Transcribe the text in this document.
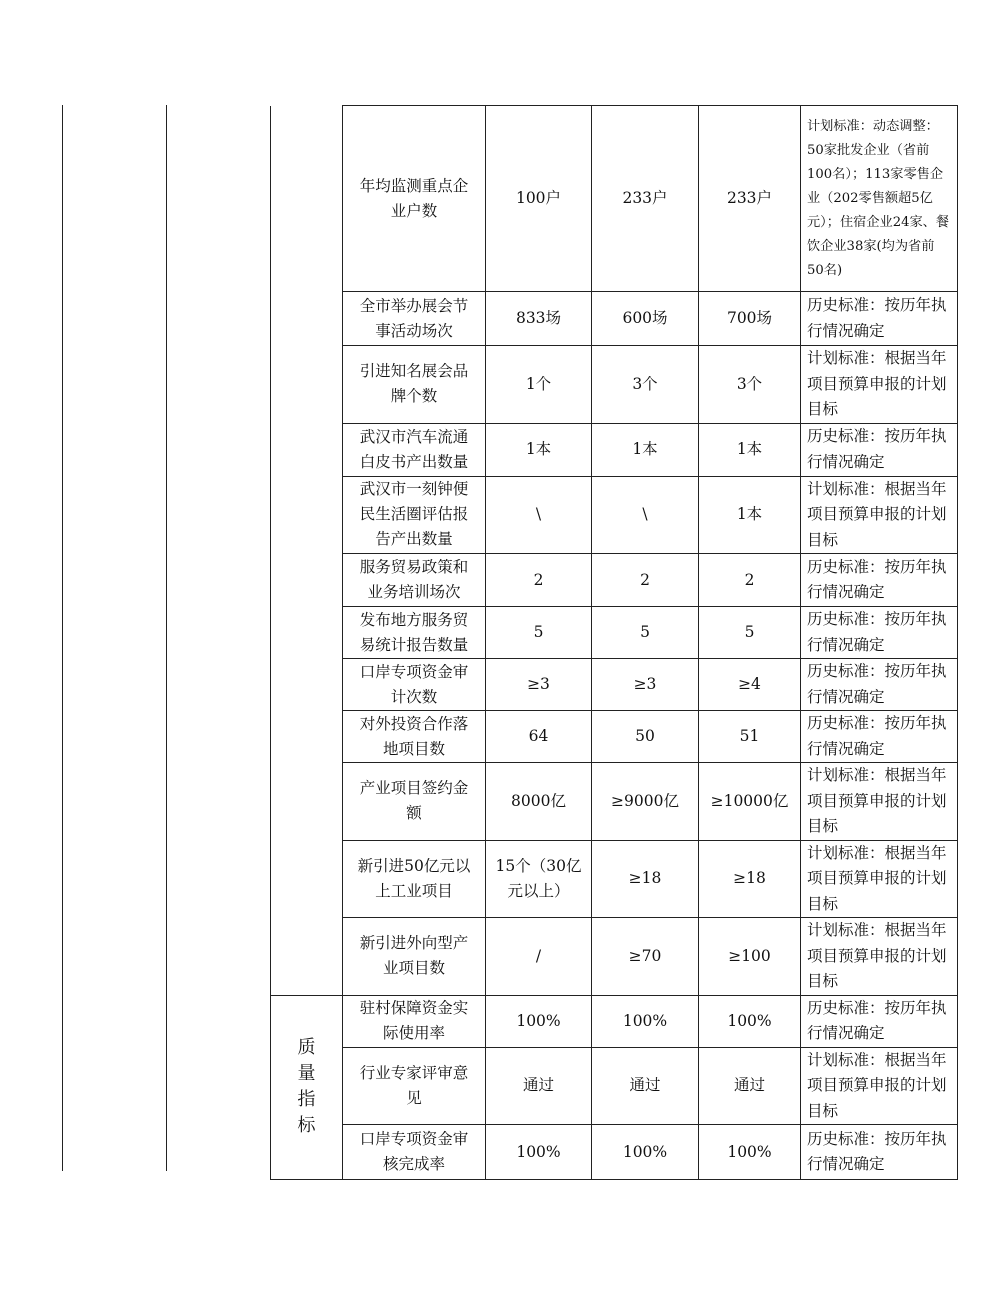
	年均监测重点企业户数	100户	233户	233户	计划标准：动态调整：50家批发企业（省前100名）；113家零售企业（202零售额超5亿元）；住宿企业24家、餐饮企业38家(均为省前50名)
	全市举办展会节事活动场次	833场	600场	700场	历史标准：按历年执行情况确定
	引进知名展会品牌个数	1个	3个	3个	计划标准：根据当年项目预算申报的计划目标
	武汉市汽车流通白皮书产出数量	1本	1本	1本	历史标准：按历年执行情况确定
	武汉市一刻钟便民生活圈评估报告产出数量	\	\	1本	计划标准：根据当年项目预算申报的计划目标
	服务贸易政策和业务培训场次	2	2	2	历史标准：按历年执行情况确定
	发布地方服务贸易统计报告数量	5	5	5	历史标准：按历年执行情况确定
	口岸专项资金审计次数	≥3	≥3	≥4	历史标准：按历年执行情况确定
	对外投资合作落地项目数	64	50	51	历史标准：按历年执行情况确定
	产业项目签约金额	8000亿	≥9000亿	≥10000亿	计划标准：根据当年项目预算申报的计划目标
	新引进50亿元以上工业项目	15个（30亿元以上）	≥18	≥18	计划标准：根据当年项目预算申报的计划目标
	新引进外向型产业项目数	/	≥70	≥100	计划标准：根据当年项目预算申报的计划目标
质量指标	驻村保障资金实际使用率	100%	100%	100%	历史标准：按历年执行情况确定
	行业专家评审意见	通过	通过	通过	计划标准：根据当年项目预算申报的计划目标
	口岸专项资金审核完成率	100%	100%	100%	历史标准：按历年执行情况确定
